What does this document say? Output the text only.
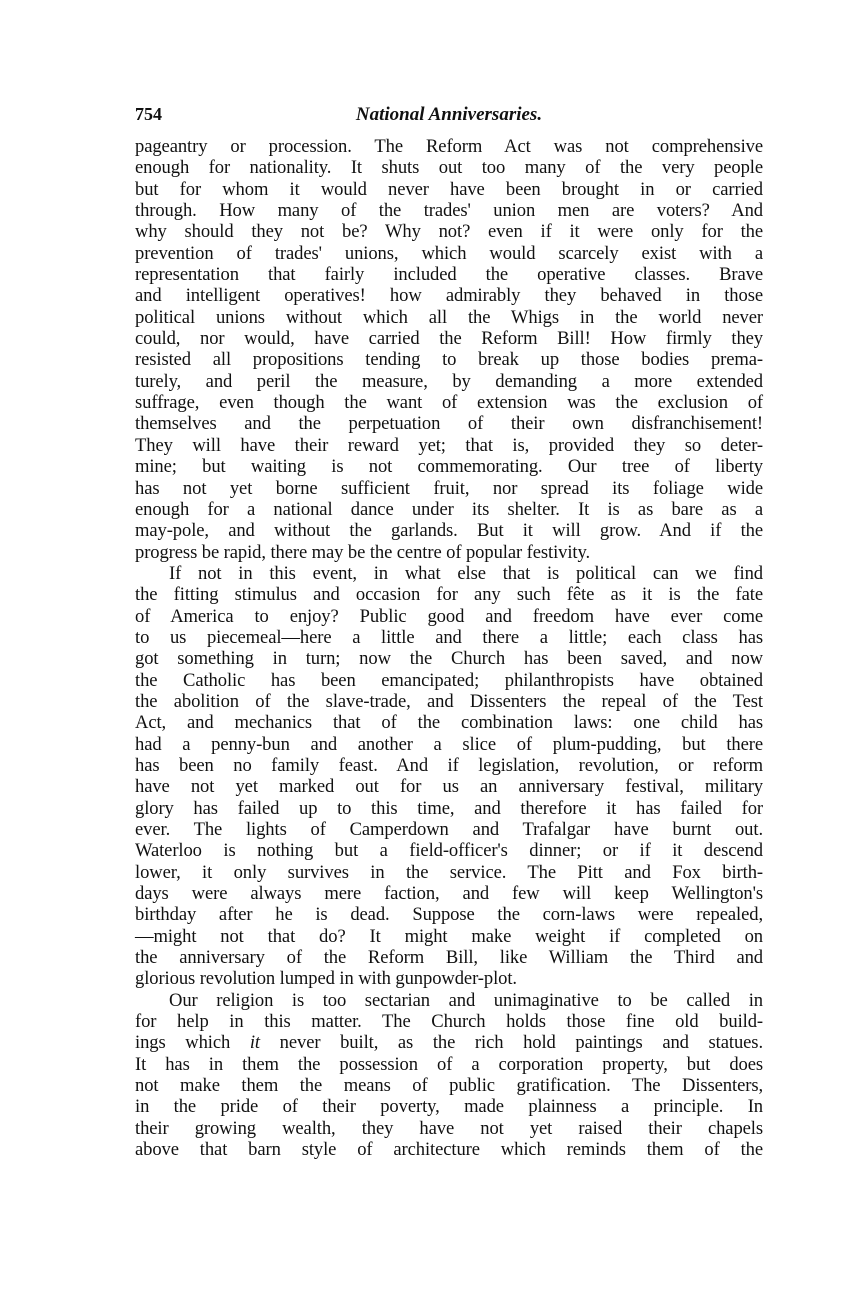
754	National Anniversaries.
pageantry or procession. The Reform Act was not comprehensive
enough for nationality. It shuts out too many of the very people
but for whom it would never have been brought in or carried
through. How many of the trades' union men are voters? And
why should they not be? Why not? even if it were only for the
prevention of trades' unions, which would scarcely exist with a
representation that fairly included the operative classes. Brave
and intelligent operatives! how admirably they behaved in those
political unions without which all the Whigs in the world never
could, nor would, have carried the Reform Bill! How firmly they
resisted all propositions tending to break up those bodies prema-
turely, and peril the measure, by demanding a more extended
suffrage, even though the want of extension was the exclusion of
themselves and the perpetuation of their own disfranchisement!
They will have their reward yet; that is, provided they so deter-
mine; but waiting is not commemorating. Our tree of liberty
has not yet borne sufficient fruit, nor spread its foliage wide
enough for a national dance under its shelter. It is as bare as a
may-pole, and without the garlands. But it will grow. And if the
progress be rapid, there may be the centre of popular festivity.
If not in this event, in what else that is political can we find
the fitting stimulus and occasion for any such fête as it is the fate
of America to enjoy? Public good and freedom have ever come
to us piecemeal—here a little and there a little; each class has
got something in turn; now the Church has been saved, and now
the Catholic has been emancipated; philanthropists have obtained
the abolition of the slave-trade, and Dissenters the repeal of the Test
Act, and mechanics that of the combination laws: one child has
had a penny-bun and another a slice of plum-pudding, but there
has been no family feast. And if legislation, revolution, or reform
have not yet marked out for us an anniversary festival, military
glory has failed up to this time, and therefore it has failed for
ever. The lights of Camperdown and Trafalgar have burnt out.
Waterloo is nothing but a field-officer's dinner; or if it descend
lower, it only survives in the service. The Pitt and Fox birth-
days were always mere faction, and few will keep Wellington's
birthday after he is dead. Suppose the corn-laws were repealed,
—might not that do? It might make weight if completed on
the anniversary of the Reform Bill, like William the Third and
glorious revolution lumped in with gunpowder-plot.
Our religion is too sectarian and unimaginative to be called in
for help in this matter. The Church holds those fine old build-
ings which it never built, as the rich hold paintings and statues.
It has in them the possession of a corporation property, but does
not make them the means of public gratification. The Dissenters,
in the pride of their poverty, made plainness a principle. In
their growing wealth, they have not yet raised their chapels
above that barn style of architecture which reminds them of the
